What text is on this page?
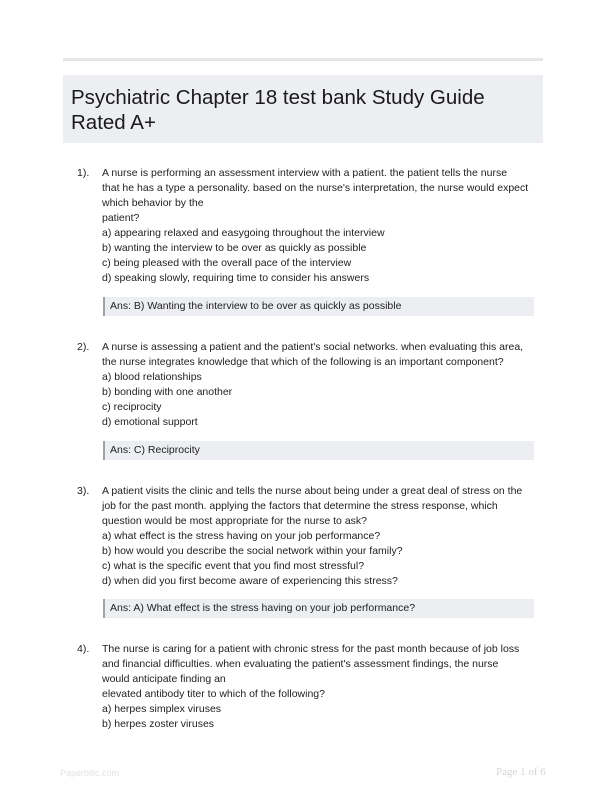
Psychiatric Chapter 18 test bank Study Guide Rated A+
1). A nurse is performing an assessment interview with a patient. the patient tells the nurse
that he has a type a personality. based on the nurse's interpretation, the nurse would expect
which behavior by the
patient?
a) appearing relaxed and easygoing throughout the interview
b) wanting the interview to be over as quickly as possible
c) being pleased with the overall pace of the interview
d) speaking slowly, requiring time to consider his answers
Ans: B) Wanting the interview to be over as quickly as possible
2). A nurse is assessing a patient and the patient's social networks. when evaluating this area,
the nurse integrates knowledge that which of the following is an important component?
a) blood relationships
b) bonding with one another
c) reciprocity
d) emotional support
Ans: C) Reciprocity
3). A patient visits the clinic and tells the nurse about being under a great deal of stress on the
job for the past month. applying the factors that determine the stress response, which
question would be most appropriate for the nurse to ask?
a) what effect is the stress having on your job performance?
b) how would you describe the social network within your family?
c) what is the specific event that you find most stressful?
d) when did you first become aware of experiencing this stress?
Ans: A) What effect is the stress having on your job performance?
4). The nurse is caring for a patient with chronic stress for the past month because of job loss
and financial difficulties. when evaluating the patient's assessment findings, the nurse
would anticipate finding an
elevated antibody titer to which of the following?
a) herpes simplex viruses
b) herpes zoster viruses
Paperbliic.com	Page 1 of 6
